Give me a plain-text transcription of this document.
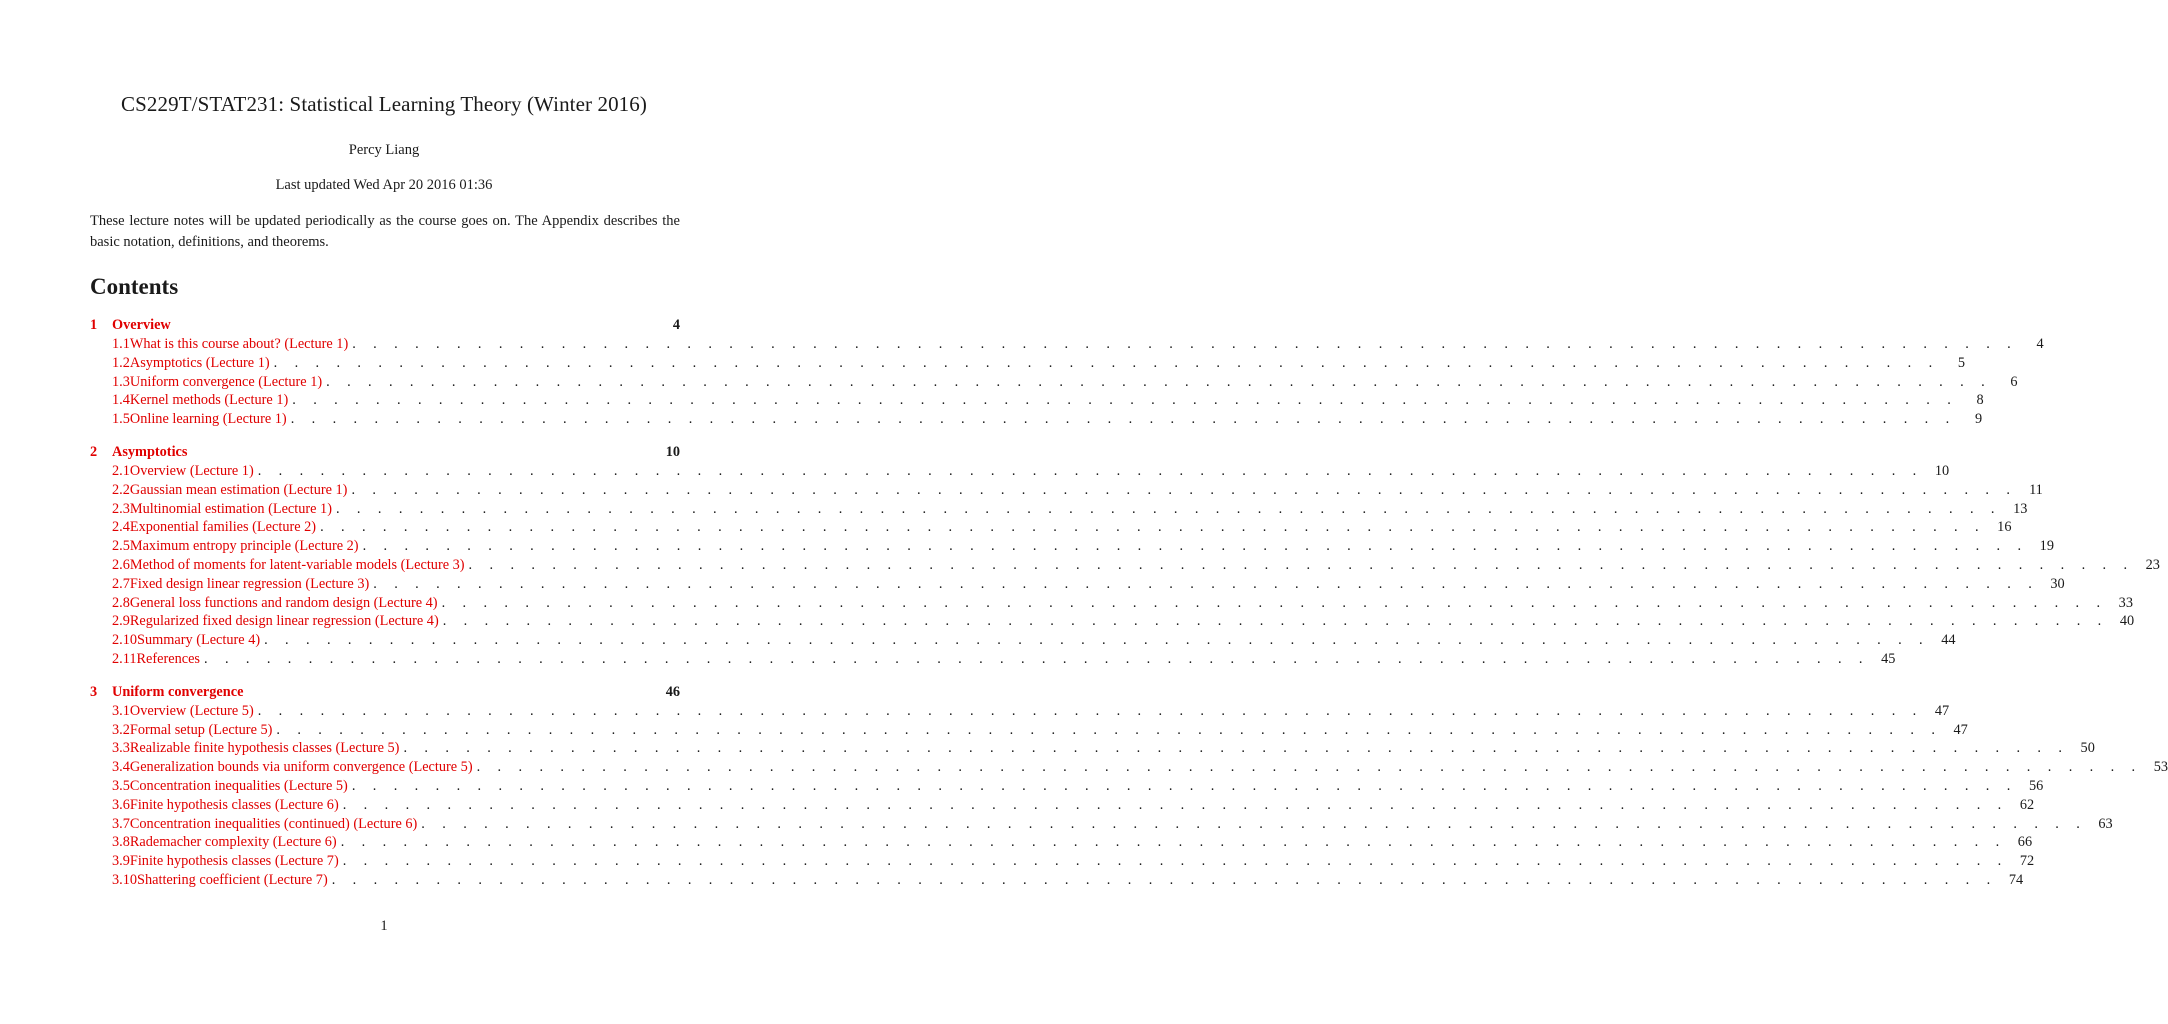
CS229T/STAT231: Statistical Learning Theory (Winter 2016)
Percy Liang
Last updated Wed Apr 20 2016 01:36
These lecture notes will be updated periodically as the course goes on. The Appendix describes the basic notation, definitions, and theorems.
Contents
1	Overview	4
1.1 What is this course about? (Lecture 1) . . . . . . . . . . . . . . . . . . . . . . . . . . . . . . . . . . . . . . . . . . . . . . . . . . . . . . . . . . . . . . . . . . . . . . . . . . . . . . . .	4
1.2 Asymptotics (Lecture 1) . . . . . . . . . . . . . . . . . . . . . . . . . . . . . . . . . . . . . . . . . . . . . . . . . . . . . . . . . . . . . . . . . . . . . . . . . . . . . . . .	5
1.3 Uniform convergence (Lecture 1) . . . . . . . . . . . . . . . . . . . . . . . . . . . . . . . . . . . . . . . . . . . . . . . . . . . . . . . . . . . . . . . . . . . . . . . . . . . . . . . .	6
1.4 Kernel methods (Lecture 1) . . . . . . . . . . . . . . . . . . . . . . . . . . . . . . . . . . . . . . . . . . . . . . . . . . . . . . . . . . . . . . . . . . . . . . . . . . . . . . . .	8
1.5 Online learning (Lecture 1) . . . . . . . . . . . . . . . . . . . . . . . . . . . . . . . . . . . . . . . . . . . . . . . . . . . . . . . . . . . . . . . . . . . . . . . . . . . . . . . .	9
2	Asymptotics	10
2.1 Overview (Lecture 1) . . . . . . . . . . . . . . . . . . . . . . . . . . . . . . . . . . . . . . . . . . . . . . . . . . . . . . . . . . . . . . . . . . . . . . . . . . . . . . . . 10
2.2 Gaussian mean estimation (Lecture 1) . . . . . . . . . . . . . . . . . . . . . . . . . . . . . . . . . . . . . . . . . . . . . . . . . . . . . . . . . . . . . . . . . . . . . . . . . . . . . . . . 11
2.3 Multinomial estimation (Lecture 1) . . . . . . . . . . . . . . . . . . . . . . . . . . . . . . . . . . . . . . . . . . . . . . . . . . . . . . . . . . . . . . . . . . . . . . . . . . . . . . . . 13
2.4 Exponential families (Lecture 2) . . . . . . . . . . . . . . . . . . . . . . . . . . . . . . . . . . . . . . . . . . . . . . . . . . . . . . . . . . . . . . . . . . . . . . . . . . . . . . . . 16
2.5 Maximum entropy principle (Lecture 2) . . . . . . . . . . . . . . . . . . . . . . . . . . . . . . . . . . . . . . . . . . . . . . . . . . . . . . . . . . . . . . . . . . . . . . . . . . . . . . . . 19
2.6 Method of moments for latent-variable models (Lecture 3) . . . . . . . . . . . . . . . . . . . . . . . . . . . . . . . . . . . . . . . . . . . . . . . . . . . . . . . . . . . . . . . . . . . . . . . . . . . . . . . . 23
2.7 Fixed design linear regression (Lecture 3) . . . . . . . . . . . . . . . . . . . . . . . . . . . . . . . . . . . . . . . . . . . . . . . . . . . . . . . . . . . . . . . . . . . . . . . . . . . . . . . . 30
2.8 General loss functions and random design (Lecture 4) . . . . . . . . . . . . . . . . . . . . . . . . . . . . . . . . . . . . . . . . . . . . . . . . . . . . . . . . . . . . . . . . . . . . . . . . . . . . . . . . 33
2.9 Regularized fixed design linear regression (Lecture 4) . . . . . . . . . . . . . . . . . . . . . . . . . . . . . . . . . . . . . . . . . . . . . . . . . . . . . . . . . . . . . . . . . . . . . . . . . . . . . . . . 40
2.10 Summary (Lecture 4) . . . . . . . . . . . . . . . . . . . . . . . . . . . . . . . . . . . . . . . . . . . . . . . . . . . . . . . . . . . . . . . . . . . . . . . . . . . . . . . . 44
2.11 References . . . . . . . . . . . . . . . . . . . . . . . . . . . . . . . . . . . . . . . . . . . . . . . . . . . . . . . . . . . . . . . . . . . . . . . . . . . . . . . . 45
3	Uniform convergence	46
3.1 Overview (Lecture 5) . . . . . . . . . . . . . . . . . . . . . . . . . . . . . . . . . . . . . . . . . . . . . . . . . . . . . . . . . . . . . . . . . . . . . . . . . . . . . . . . 47
3.2 Formal setup (Lecture 5) . . . . . . . . . . . . . . . . . . . . . . . . . . . . . . . . . . . . . . . . . . . . . . . . . . . . . . . . . . . . . . . . . . . . . . . . . . . . . . . . 47
3.3 Realizable finite hypothesis classes (Lecture 5) . . . . . . . . . . . . . . . . . . . . . . . . . . . . . . . . . . . . . . . . . . . . . . . . . . . . . . . . . . . . . . . . . . . . . . . . . . . . . . . . 50
3.4 Generalization bounds via uniform convergence (Lecture 5) . . . . . . . . . . . . . . . . . . . . . . . . . . . . . . . . . . . . . . . . . . . . . . . . . . . . . . . . . . . . . . . . . . . . . . . . . . . . . . . . 53
3.5 Concentration inequalities (Lecture 5) . . . . . . . . . . . . . . . . . . . . . . . . . . . . . . . . . . . . . . . . . . . . . . . . . . . . . . . . . . . . . . . . . . . . . . . . . . . . . . . . 56
3.6 Finite hypothesis classes (Lecture 6) . . . . . . . . . . . . . . . . . . . . . . . . . . . . . . . . . . . . . . . . . . . . . . . . . . . . . . . . . . . . . . . . . . . . . . . . . . . . . . . . 62
3.7 Concentration inequalities (continued) (Lecture 6) . . . . . . . . . . . . . . . . . . . . . . . . . . . . . . . . . . . . . . . . . . . . . . . . . . . . . . . . . . . . . . . . . . . . . . . . . . . . . . . . 63
3.8 Rademacher complexity (Lecture 6) . . . . . . . . . . . . . . . . . . . . . . . . . . . . . . . . . . . . . . . . . . . . . . . . . . . . . . . . . . . . . . . . . . . . . . . . . . . . . . . . 66
3.9 Finite hypothesis classes (Lecture 7) . . . . . . . . . . . . . . . . . . . . . . . . . . . . . . . . . . . . . . . . . . . . . . . . . . . . . . . . . . . . . . . . . . . . . . . . . . . . . . . . 72
3.10 Shattering coefficient (Lecture 7) . . . . . . . . . . . . . . . . . . . . . . . . . . . . . . . . . . . . . . . . . . . . . . . . . . . . . . . . . . . . . . . . . . . . . . . . . . . . . . . . 74
1
